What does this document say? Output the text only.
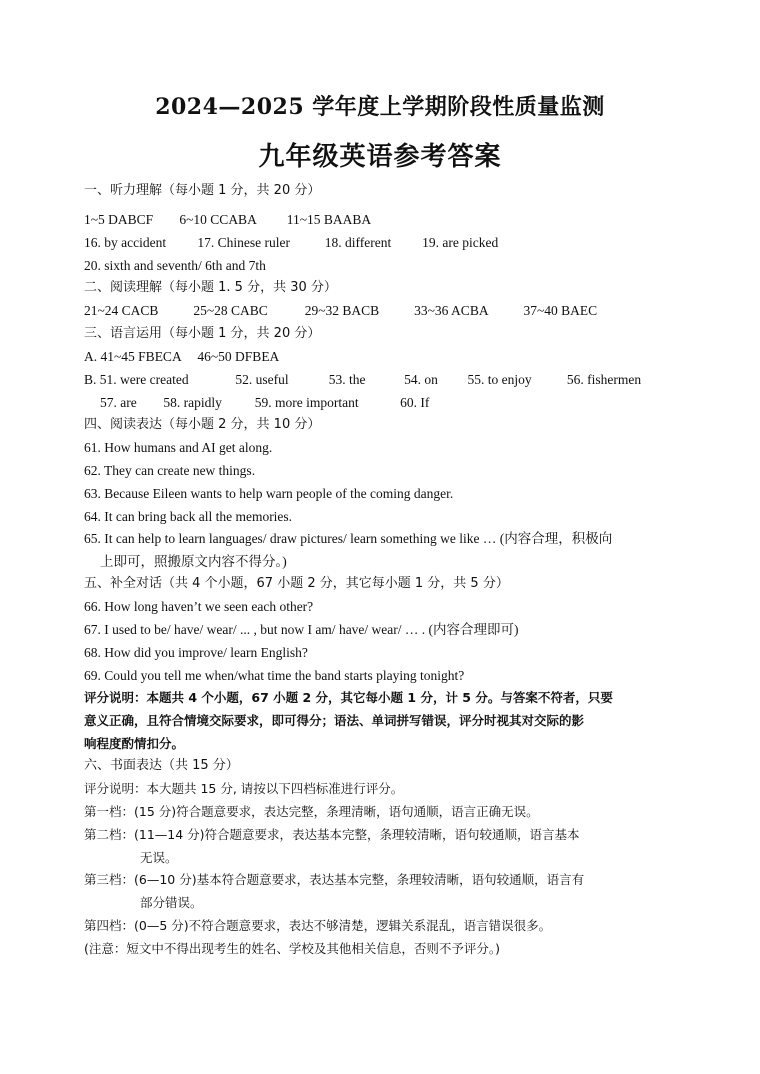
2024—2025 学年度上学期阶段性质量监测
九年级英语参考答案
一、听力理解（每小题 1 分，共 20 分）
1~5 DABCF 6~10 CCABA 11~15 BAABA
16. by accident 17. Chinese ruler	18. different 19. are picked
20. sixth and seventh/ 6th and 7th
二、阅读理解（每小题 1. 5 分，共 30 分）
21~24 CACB	25~28 CABC	29~32 BACB	33~36 ACBA	37~40 BAEC
三、语言运用（每小题 1 分，共 20 分）
A. 41~45 FBECA 46~50 DFBEA
B. 51. were created	52. useful	53. the	54. on 55. to enjoy	56. fishermen
57. are 58. rapidly 59. more important	60. If
四、阅读表达（每小题 2 分，共 10 分）
61. How humans and AI get along.
62. They can create new things.
63. Because Eileen wants to help warn people of the coming danger.
64. It can bring back all the memories.
65. It can help to learn languages/ draw pictures/ learn something we like … (内容合理，积极向
上即可，照搬原文内容不得分。)
五、补全对话（共 4 个小题，67 小题 2 分，其它每小题 1 分，共 5 分）
66. How long haven’t we seen each other?
67. I used to be/ have/ wear/ ... , but now I am/ have/ wear/ … . (内容合理即可)
68. How did you improve/ learn English?
69. Could you tell me when/what time the band starts playing tonight?
评分说明：本题共 4 个小题，67 小题 2 分，其它每小题 1 分，计 5 分。与答案不符者，只要
意义正确，且符合情境交际要求，即可得分；语法、单词拼写错误，评分时视其对交际的影
响程度酌情扣分。
六、书面表达（共 15 分）
评分说明：本大题共 15 分, 请按以下四档标准进行评分。
第一档：(15 分)符合题意要求，表达完整，条理清晰，语句通顺，语言正确无误。
第二档：(11—14 分)符合题意要求，表达基本完整，条理较清晰，语句较通顺，语言基本
无误。
第三档：(6—10 分)基本符合题意要求，表达基本完整，条理较清晰，语句较通顺，语言有
部分错误。
第四档：(0—5 分)不符合题意要求，表达不够清楚，逻辑关系混乱，语言错误很多。
(注意：短文中不得出现考生的姓名、学校及其他相关信息，否则不予评分。)
